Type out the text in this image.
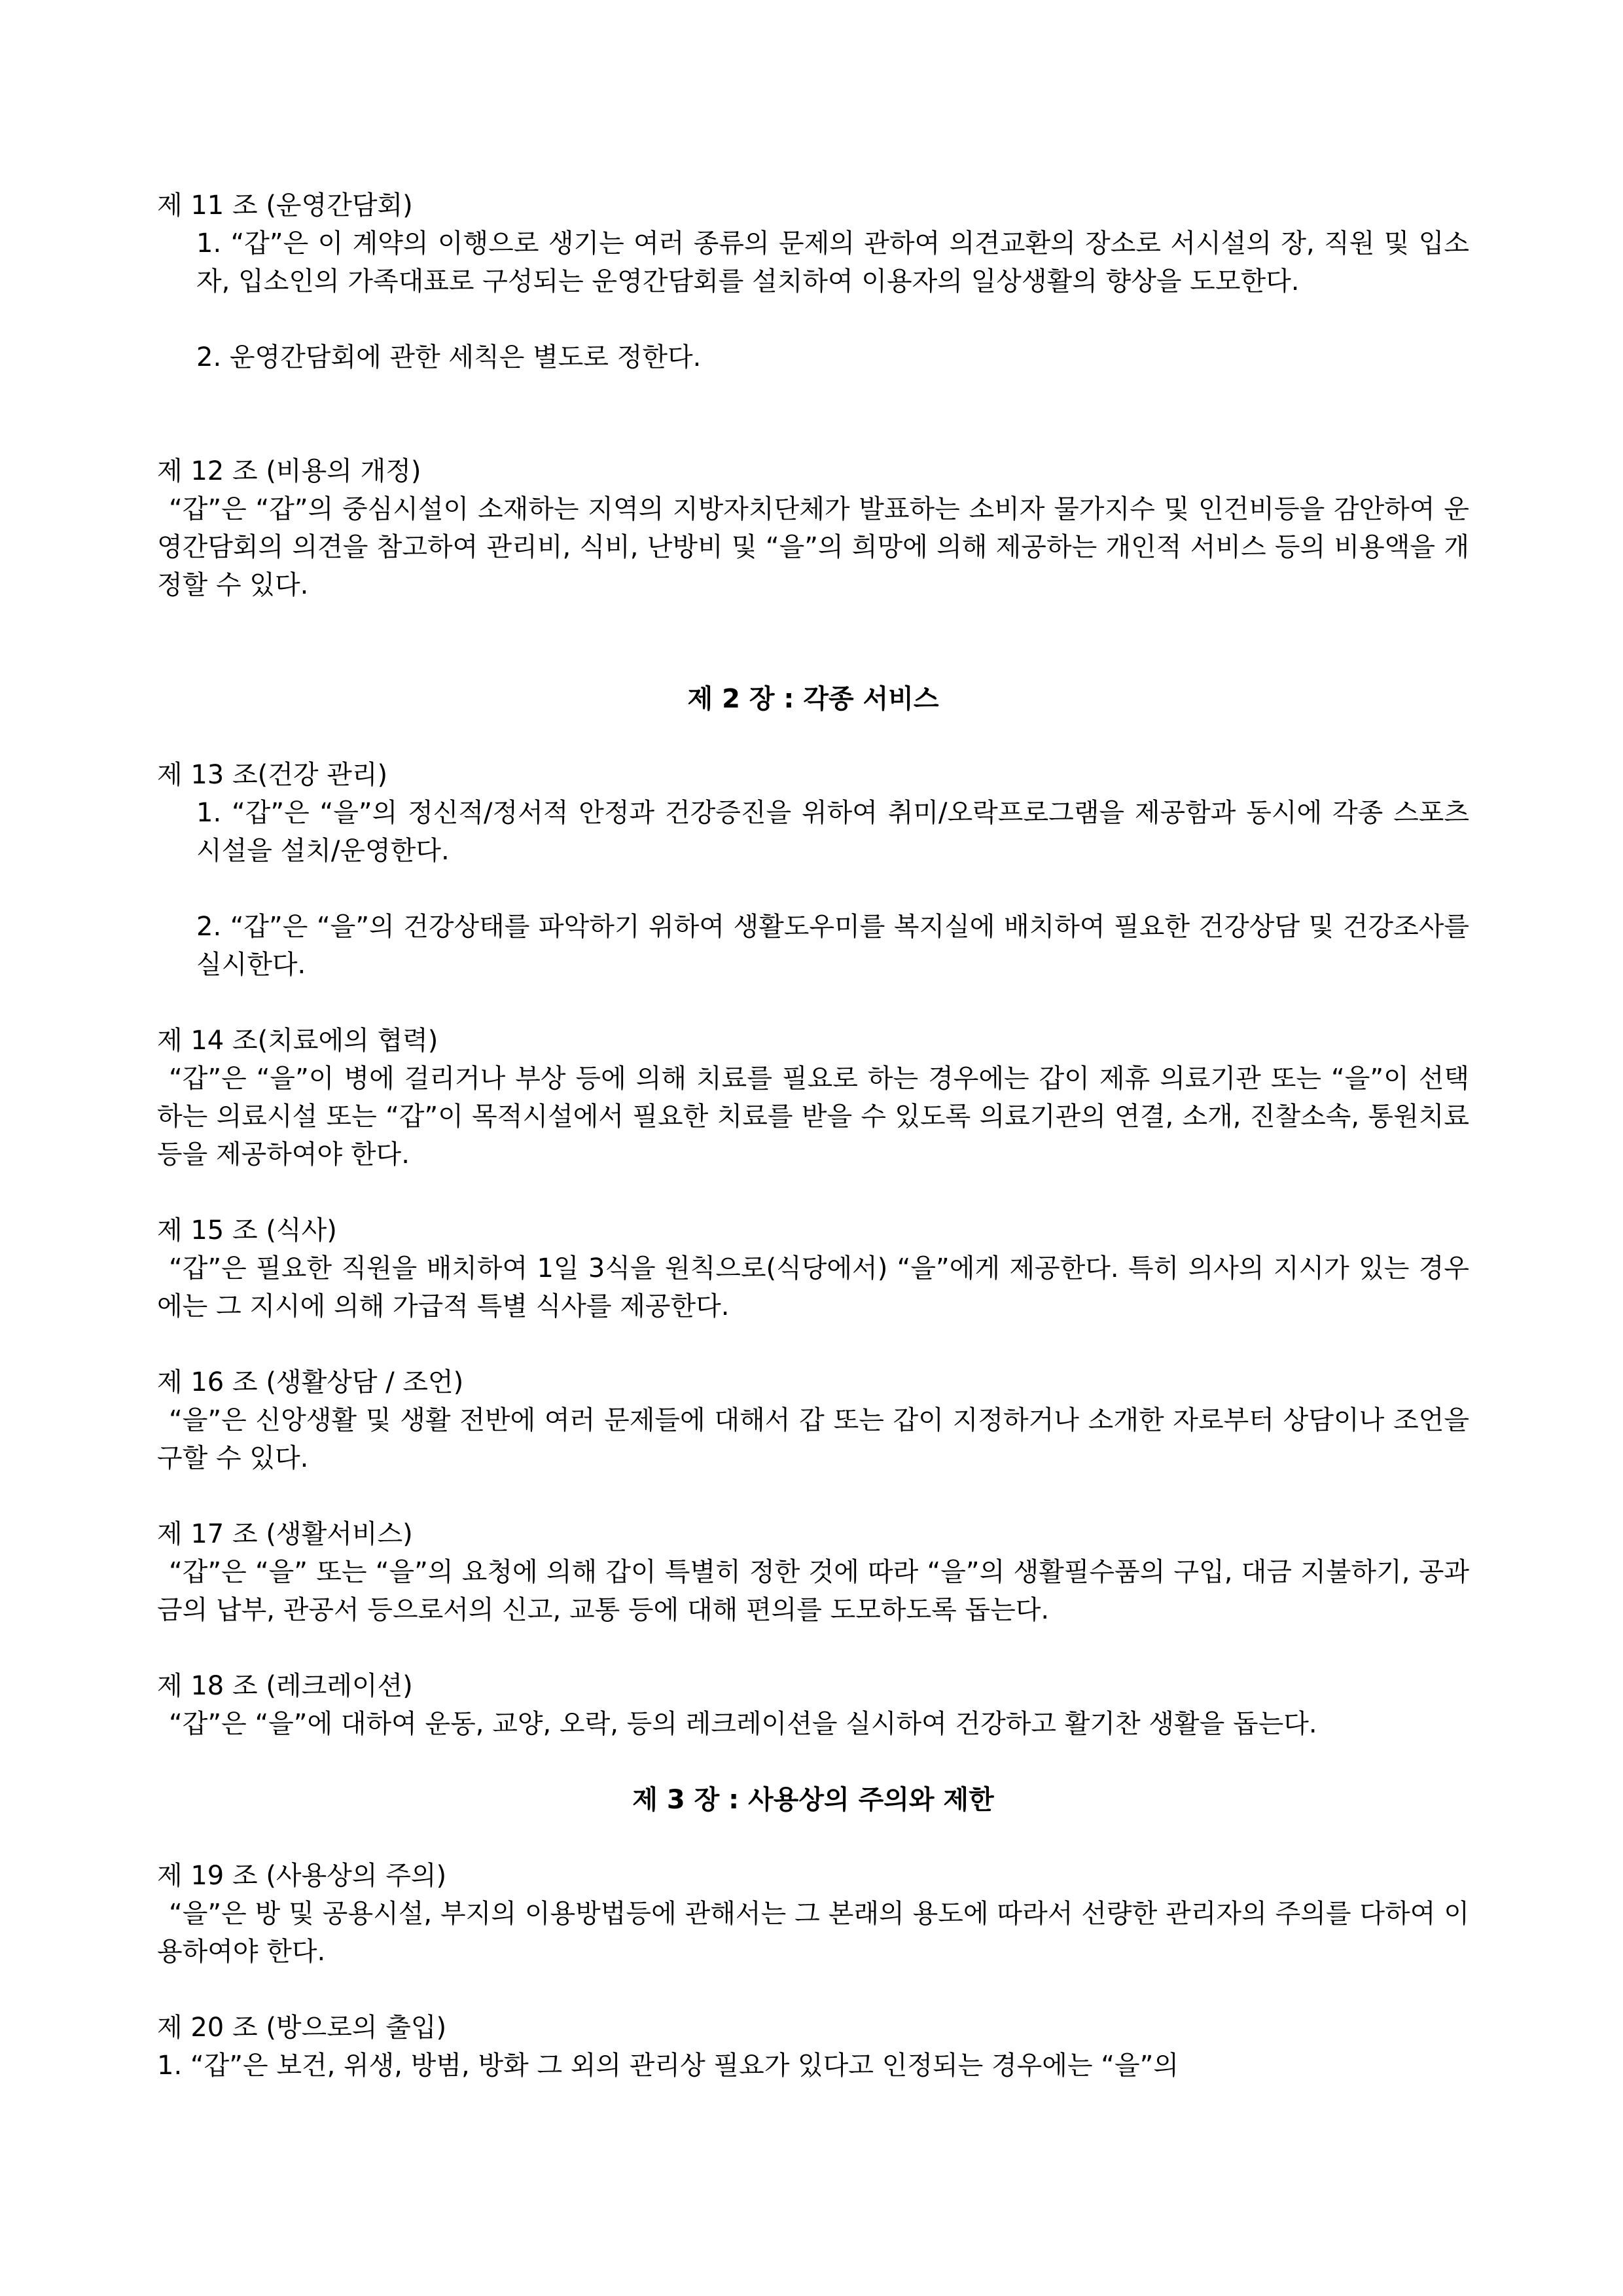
제 11 조 (운영간담회)

1. “갑”은 이 계약의 이행으로 생기는 여러 종류의 문제의 관하여 의견교환의 장소로 서시설의 장, 직원 및 입소자, 입소인의 가족대표로 구성되는 운영간담회를 설치하여 이용자의 일상생활의 향상을 도모한다.

2. 운영간담회에 관한 세칙은 별도로 정한다.

제 12 조 (비용의 개정)

“갑”은 “갑”의 중심시설이 소재하는 지역의 지방자치단체가 발표하는 소비자 물가지수 및 인건비등을 감안하여 운영간담회의 의견을 참고하여 관리비, 식비, 난방비 및 “을”의 희망에 의해 제공하는 개인적 서비스 등의 비용액을 개정할 수 있다.

제 2 장 : 각종 서비스
제 13 조(건강 관리)

1. “갑”은 “을”의 정신적/정서적 안정과 건강증진을 위하여 취미/오락프로그램을 제공함과 동시에 각종 스포츠 시설을 설치/운영한다.

2. “갑”은 “을”의 건강상태를 파악하기 위하여 생활도우미를 복지실에 배치하여 필요한 건강상담 및 건강조사를 실시한다.

제 14 조(치료에의 협력)

“갑”은 “을”이 병에 걸리거나 부상 등에 의해 치료를 필요로 하는 경우에는 갑이 제휴 의료기관 또는 “을”이 선택하는 의료시설 또는 “갑”이 목적시설에서 필요한 치료를 받을 수 있도록 의료기관의 연결, 소개, 진찰소속, 통원치료 등을 제공하여야 한다.

제 15 조 (식사)

“갑”은 필요한 직원을 배치하여 1일 3식을 원칙으로(식당에서) “을”에게 제공한다. 특히 의사의 지시가 있는 경우에는 그 지시에 의해 가급적 특별 식사를 제공한다.

제 16 조 (생활상담 / 조언)

“을”은 신앙생활 및 생활 전반에 여러 문제들에 대해서 갑 또는 갑이 지정하거나 소개한 자로부터 상담이나 조언을 구할 수 있다.

제 17 조 (생활서비스)

“갑”은 “을” 또는 “을”의 요청에 의해 갑이 특별히 정한 것에 따라 “을”의 생활필수품의 구입, 대금 지불하기, 공과금의 납부, 관공서 등으로서의 신고, 교통 등에 대해 편의를 도모하도록 돕는다.

제 18 조 (레크레이션)

“갑”은 “을”에 대하여 운동, 교양, 오락, 등의 레크레이션을 실시하여 건강하고 활기찬 생활을 돕는다.

제 3 장 : 사용상의 주의와 제한
제 19 조 (사용상의 주의)

“을”은 방 및 공용시설, 부지의 이용방법등에 관해서는 그 본래의 용도에 따라서 선량한 관리자의 주의를 다하여 이용하여야 한다.

제 20 조 (방으로의 출입)

1. “갑”은 보건, 위생, 방범, 방화 그 외의 관리상 필요가 있다고 인정되는 경우에는 “을”의
